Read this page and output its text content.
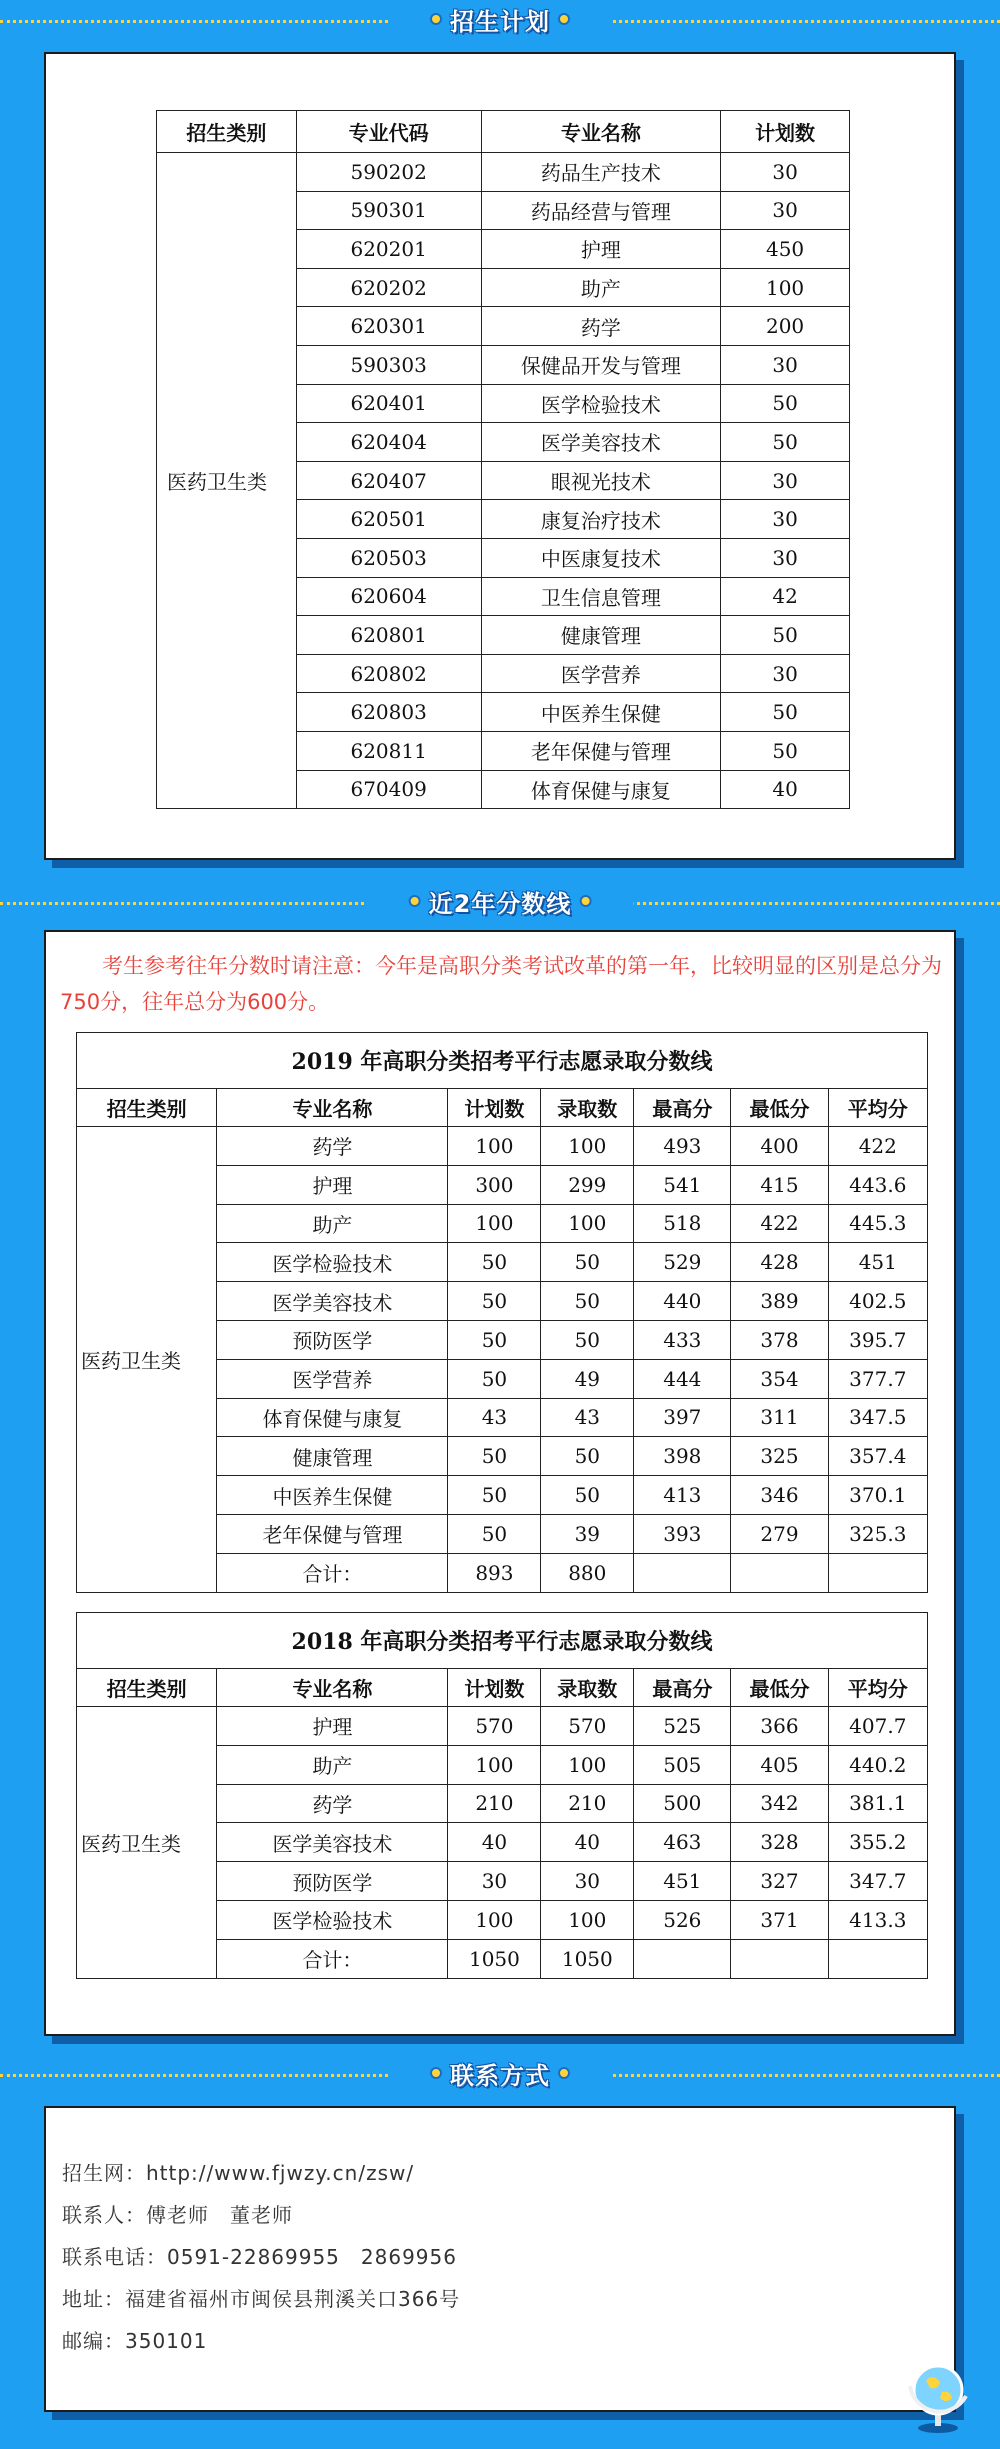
招生计划
招生类别	专业代码	专业名称	计划数
医药卫生类	590202	药品生产技术	30
	590301	药品经营与管理	30
	620201	护理	450
	620202	助产	100
	620301	药学	200
	590303	保健品开发与管理	30
	620401	医学检验技术	50
	620404	医学美容技术	50
	620407	眼视光技术	30
	620501	康复治疗技术	30
	620503	中医康复技术	30
	620604	卫生信息管理	42
	620801	健康管理	50
	620802	医学营养	30
	620803	中医养生保健	50
	620811	老年保健与管理	50
	670409	体育保健与康复	40
近2年分数线

考生参考往年分数时请注意：今年是高职分类考试改革的第一年，比较明显的区别是总分为750分，往年总分为600分。

2019 年高职分类招考平行志愿录取分数线						
招生类别	专业名称	计划数	录取数	最高分	最低分	平均分
医药卫生类	药学	100	100	493	400	422
	护理	300	299	541	415	443.6
	助产	100	100	518	422	445.3
	医学检验技术	50	50	529	428	451
	医学美容技术	50	50	440	389	402.5
	预防医学	50	50	433	378	395.7
	医学营养	50	49	444	354	377.7
	体育保健与康复	43	43	397	311	347.5
	健康管理	50	50	398	325	357.4
	中医养生保健	50	50	413	346	370.1
	老年保健与管理	50	39	393	279	325.3
	合计：	893	880			
2018 年高职分类招考平行志愿录取分数线						
招生类别	专业名称	计划数	录取数	最高分	最低分	平均分
医药卫生类	护理	570	570	525	366	407.7
	助产	100	100	505	405	440.2
	药学	210	210	500	342	381.1
	医学美容技术	40	40	463	328	355.2
	预防医学	30	30	451	327	347.7
	医学检验技术	100	100	526	371	413.3
	合计：	1050	1050			
联系方式
招生网：http://www.fjwzy.cn/zsw/
联系人：傅老师　董老师
联系电话：0591-22869955　2869956
地址：福建省福州市闽侯县荆溪关口366号
邮编：350101
